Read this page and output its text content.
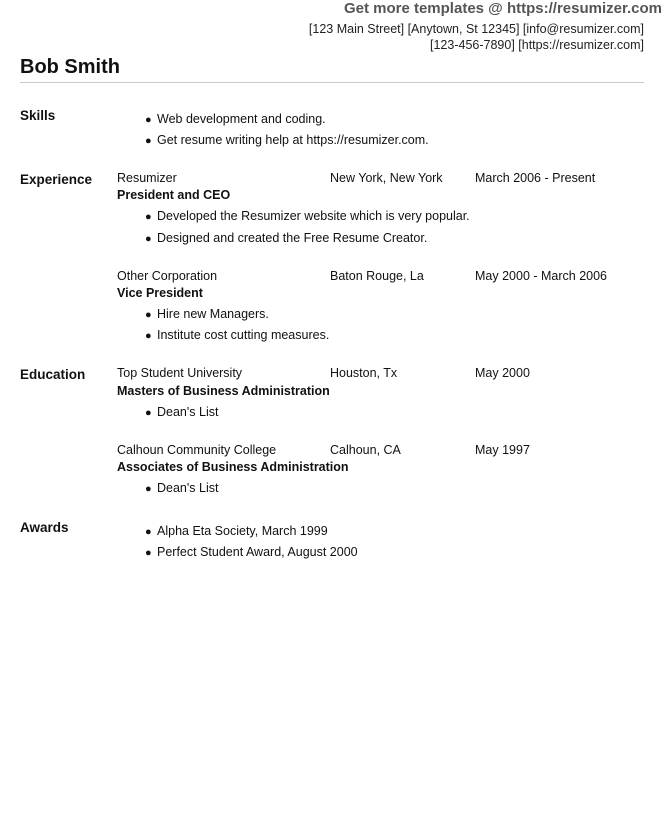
Get more templates @ https://resumizer.com
[123 Main Street] [Anytown, St 12345] [info@resumizer.com]
[123-456-7890] [https://resumizer.com]
Bob Smith
Skills	● Web development and coding.
● Get resume writing help at https://resumizer.com.
Experience Resumizer	New York, New York	March 2006 - Present
President and CEO
● Developed the Resumizer website which is very popular.
● Designed and created the Free Resume Creator.
Other Corporation	Baton Rouge, La	May 2000 - March 2006
Vice President
● Hire new Managers.
● Institute cost cutting measures.
Education	Top Student University	Houston, Tx	May 2000
Masters of Business Administration
● Dean's List
Calhoun Community College	Calhoun, CA	May 1997
Associates of Business Administration
● Dean's List
Awards	● Alpha Eta Society, March 1999
● Perfect Student Award, August 2000
